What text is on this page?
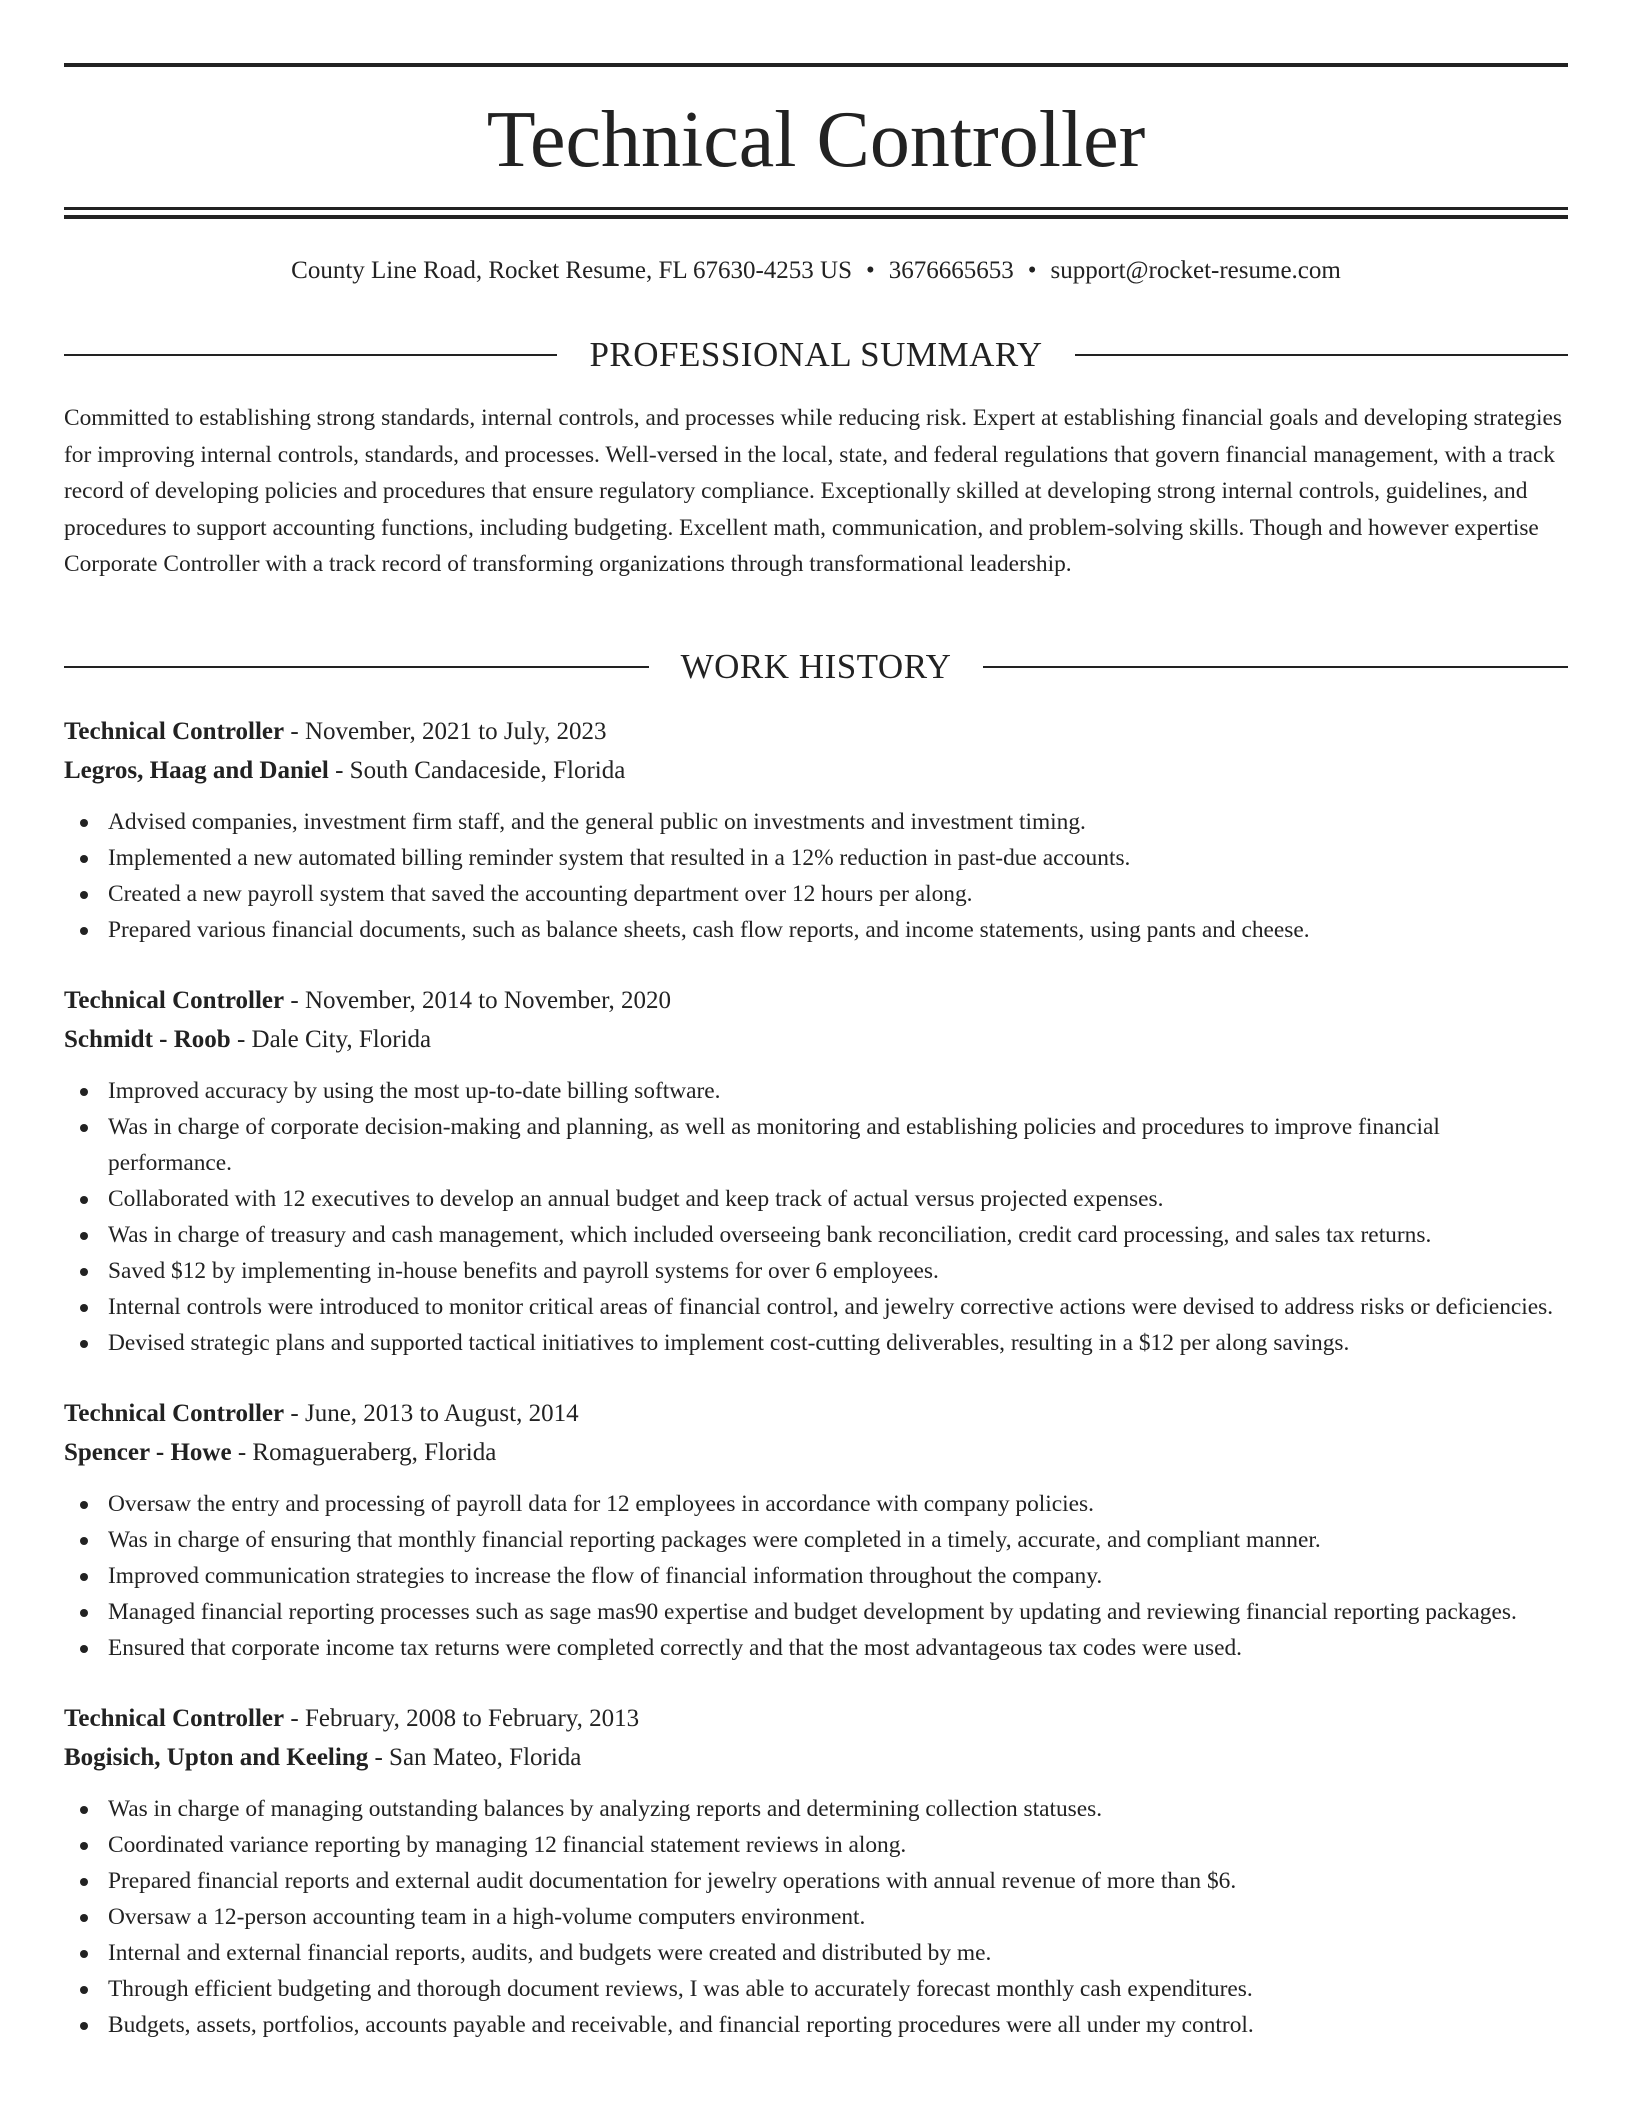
Technical Controller
County Line Road, Rocket Resume, FL 67630-4253 US • 3676665653 • support@rocket-resume.com
PROFESSIONAL SUMMARY

Committed to establishing strong standards, internal controls, and processes while reducing risk. Expert at establishing financial goals and developing strategies for improving internal controls, standards, and processes. Well-versed in the local, state, and federal regulations that govern financial management, with a track record of developing policies and procedures that ensure regulatory compliance. Exceptionally skilled at developing strong internal controls, guidelines, and procedures to support accounting functions, including budgeting. Excellent math, communication, and problem-solving skills. Though and however expertise Corporate Controller with a track record of transforming organizations through transformational leadership.

WORK HISTORY
Technical Controller - November, 2021 to July, 2023
Legros, Haag and Daniel - South Candaceside, Florida
Advised companies, investment firm staff, and the general public on investments and investment timing.
Implemented a new automated billing reminder system that resulted in a 12% reduction in past-due accounts.
Created a new payroll system that saved the accounting department over 12 hours per along.
Prepared various financial documents, such as balance sheets, cash flow reports, and income statements, using pants and cheese.
Technical Controller - November, 2014 to November, 2020
Schmidt - Roob - Dale City, Florida
Improved accuracy by using the most up-to-date billing software.
Was in charge of corporate decision-making and planning, as well as monitoring and establishing policies and procedures to improve financial performance.
Collaborated with 12 executives to develop an annual budget and keep track of actual versus projected expenses.
Was in charge of treasury and cash management, which included overseeing bank reconciliation, credit card processing, and sales tax returns.
Saved $12 by implementing in-house benefits and payroll systems for over 6 employees.
Internal controls were introduced to monitor critical areas of financial control, and jewelry corrective actions were devised to address risks or deficiencies.
Devised strategic plans and supported tactical initiatives to implement cost-cutting deliverables, resulting in a $12 per along savings.
Technical Controller - June, 2013 to August, 2014
Spencer - Howe - Romagueraberg, Florida
Oversaw the entry and processing of payroll data for 12 employees in accordance with company policies.
Was in charge of ensuring that monthly financial reporting packages were completed in a timely, accurate, and compliant manner.
Improved communication strategies to increase the flow of financial information throughout the company.
Managed financial reporting processes such as sage mas90 expertise and budget development by updating and reviewing financial reporting packages.
Ensured that corporate income tax returns were completed correctly and that the most advantageous tax codes were used.
Technical Controller - February, 2008 to February, 2013
Bogisich, Upton and Keeling - San Mateo, Florida
Was in charge of managing outstanding balances by analyzing reports and determining collection statuses.
Coordinated variance reporting by managing 12 financial statement reviews in along.
Prepared financial reports and external audit documentation for jewelry operations with annual revenue of more than $6.
Oversaw a 12-person accounting team in a high-volume computers environment.
Internal and external financial reports, audits, and budgets were created and distributed by me.
Through efficient budgeting and thorough document reviews, I was able to accurately forecast monthly cash expenditures.
Budgets, assets, portfolios, accounts payable and receivable, and financial reporting procedures were all under my control.
